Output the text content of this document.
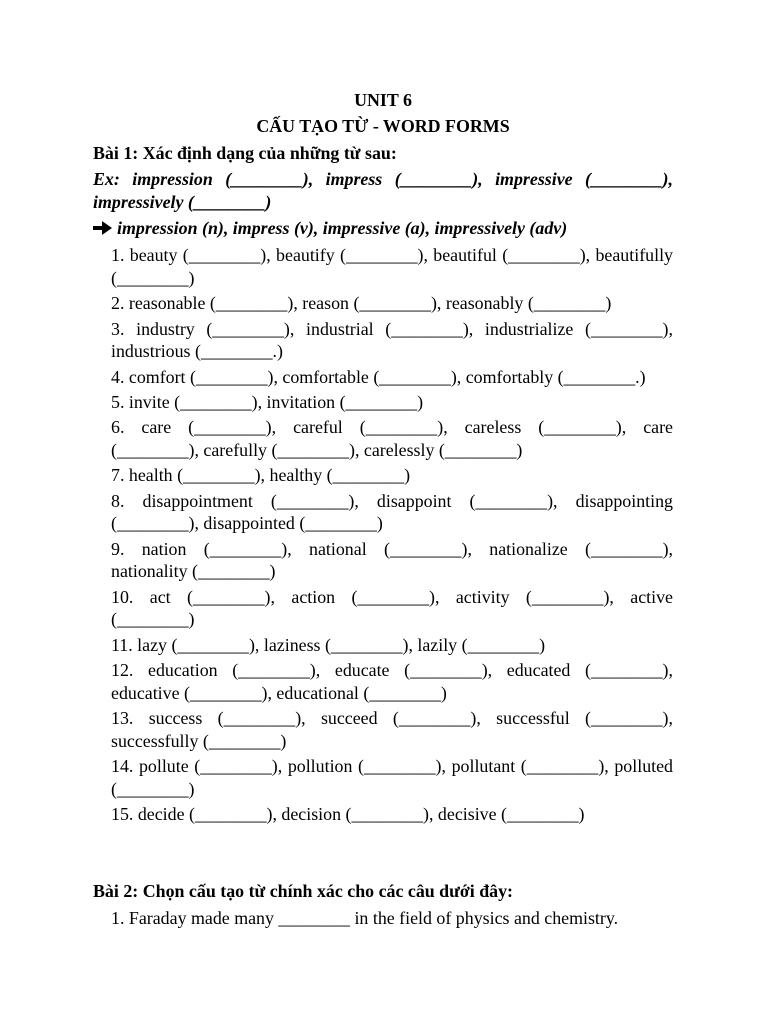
UNIT 6

CẤU TẠO TỪ - WORD FORMS

Bài 1: Xác định dạng của những từ sau:

Ex: impression (________), impress (________), impressive (________), impressively (________)

impression (n), impress (v), impressive (a), impressively (adv)

1. beauty (________), beautify (________), beautiful (________), beautifully (________)

2. reasonable (________), reason (________), reasonably (________)

3. industry (________), industrial (________), industrialize (________), industrious (________.)

4. comfort (________), comfortable (________), comfortably (________.)

5. invite (________), invitation (________)

6. care (________), careful (________), careless (________), care (________), carefully (________), carelessly (________)

7. health (________), healthy (________)

8. disappointment (________), disappoint (________), disappointing (________), disappointed (________)

9. nation (________), national (________), nationalize (________), nationality (________)

10. act (________), action (________), activity (________), active (________)

11. lazy (________), laziness (________), lazily (________)

12. education (________), educate (________), educated (________), educative (________), educational (________)

13. success (________), succeed (________), successful (________), successfully (________)

14. pollute (________), pollution (________), pollutant (________), polluted (________)

15. decide (________), decision (________), decisive (________)

Bài 2: Chọn cấu tạo từ chính xác cho các câu dưới đây:

1. Faraday made many ________ in the field of physics and chemistry.
